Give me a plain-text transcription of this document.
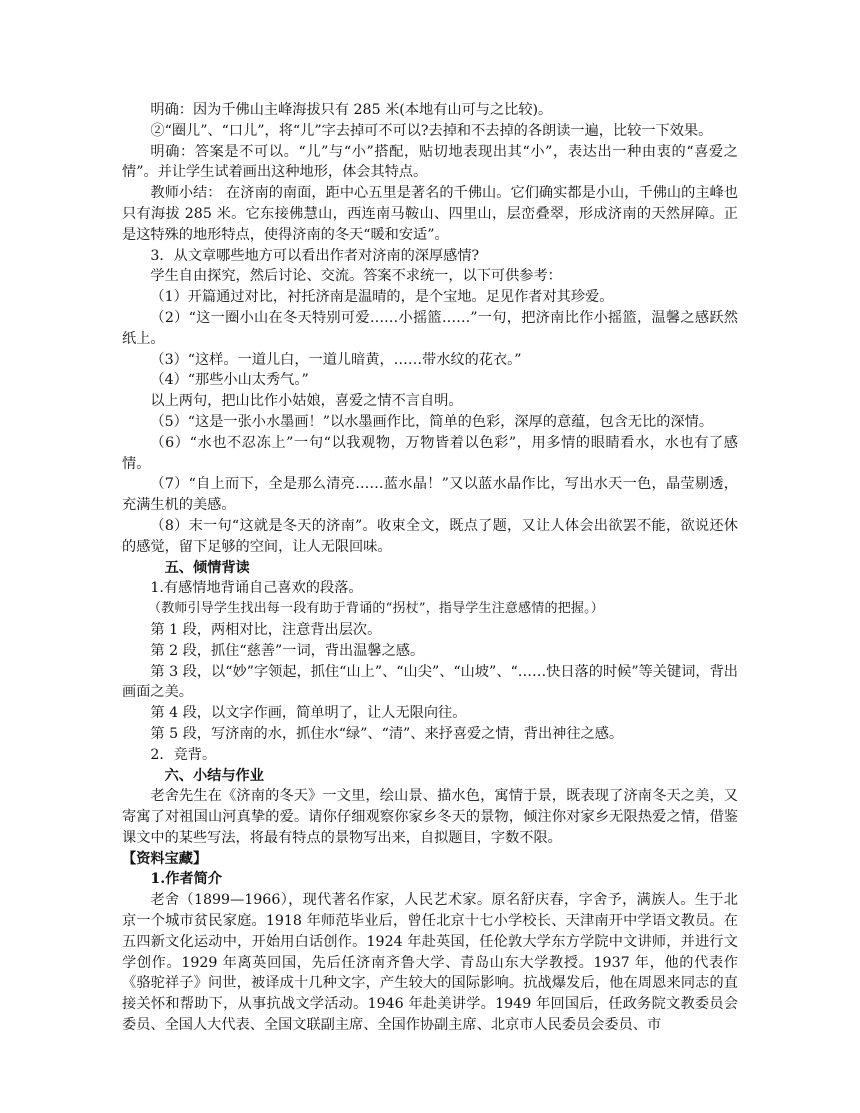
明确：因为千佛山主峰海拔只有 285 米(本地有山可与之比较)。

②“圈儿”、“口儿”，将“儿”字去掉可不可以?去掉和不去掉的各朗读一遍，比较一下效果。

明确：答案是不可以。“儿”与“小”搭配，贴切地表现出其“小”，表达出一种由衷的“喜爱之情”。并让学生试着画出这种地形，体会其特点。

教师小结： 在济南的南面，距中心五里是著名的千佛山。它们确实都是小山，千佛山的主峰也只有海拔 285 米。它东接佛慧山，西连南马鞍山、四里山，层峦叠翠，形成济南的天然屏障。正是这特殊的地形特点，使得济南的冬天“暖和安适”。

3．从文章哪些地方可以看出作者对济南的深厚感情?

学生自由探究，然后讨论、交流。答案不求统一，以下可供参考：

（1）开篇通过对比，衬托济南是温晴的，是个宝地。足见作者对其珍爱。

（2）“这一圈小山在冬天特别可爱……小摇篮……”一句，把济南比作小摇篮，温馨之感跃然纸上。

（3）“这样。一道儿白，一道儿暗黄，……带水纹的花衣。”

（4）“那些小山太秀气。”

以上两句，把山比作小姑娘，喜爱之情不言自明。

（5）“这是一张小水墨画！”以水墨画作比，简单的色彩，深厚的意蕴，包含无比的深情。

（6）“水也不忍冻上”一句“以我观物，万物皆着以色彩”，用多情的眼睛看水，水也有了感情。

（7）“自上而下，全是那么清亮……蓝水晶！”又以蓝水晶作比，写出水天一色，晶莹剔透，充满生机的美感。

（8）末一句“这就是冬天的济南”。收束全文，既点了题，又让人体会出欲罢不能，欲说还休的感觉，留下足够的空间，让人无限回味。

五、倾情背读

1.有感情地背诵自己喜欢的段落。

（教师引导学生找出每一段有助于背诵的“拐杖”，指导学生注意感情的把握。）

第 1 段，两相对比，注意背出层次。

第 2 段，抓住“慈善”一词，背出温馨之感。

第 3 段，以“妙”字领起，抓住“山上”、“山尖”、“山坡”、“……快日落的时候”等关键词，背出画面之美。

第 4 段，以文字作画，简单明了，让人无限向往。

第 5 段，写济南的水，抓住水“绿”、“清”、来抒喜爱之情，背出神往之感。

2．竞背。

六、小结与作业

老舍先生在《济南的冬天》一文里，绘山景、描水色，寓情于景，既表现了济南冬天之美，又寄寓了对祖国山河真挚的爱。请你仔细观察你家乡冬天的景物，倾注你对家乡无限热爱之情，借鉴课文中的某些写法，将最有特点的景物写出来，自拟题目，字数不限。

【资料宝藏】

1.作者简介

老舍（1899—1966），现代著名作家，人民艺术家。原名舒庆春，字舍予，满族人。生于北京一个城市贫民家庭。1918 年师范毕业后，曾任北京十七小学校长、天津南开中学语文教员。在五四新文化运动中，开始用白话创作。1924 年赴英国，任伦敦大学东方学院中文讲师，并进行文学创作。1929 年离英回国，先后任济南齐鲁大学、青岛山东大学教授。1937 年，他的代表作《骆驼祥子》问世，被译成十几种文字，产生较大的国际影响。抗战爆发后，他在周恩来同志的直接关怀和帮助下，从事抗战文学活动。1946 年赴美讲学。1949 年回国后，任政务院文教委员会委员、全国人大代表、全国文联副主席、全国作协副主席、北京市人民委员会委员、市
